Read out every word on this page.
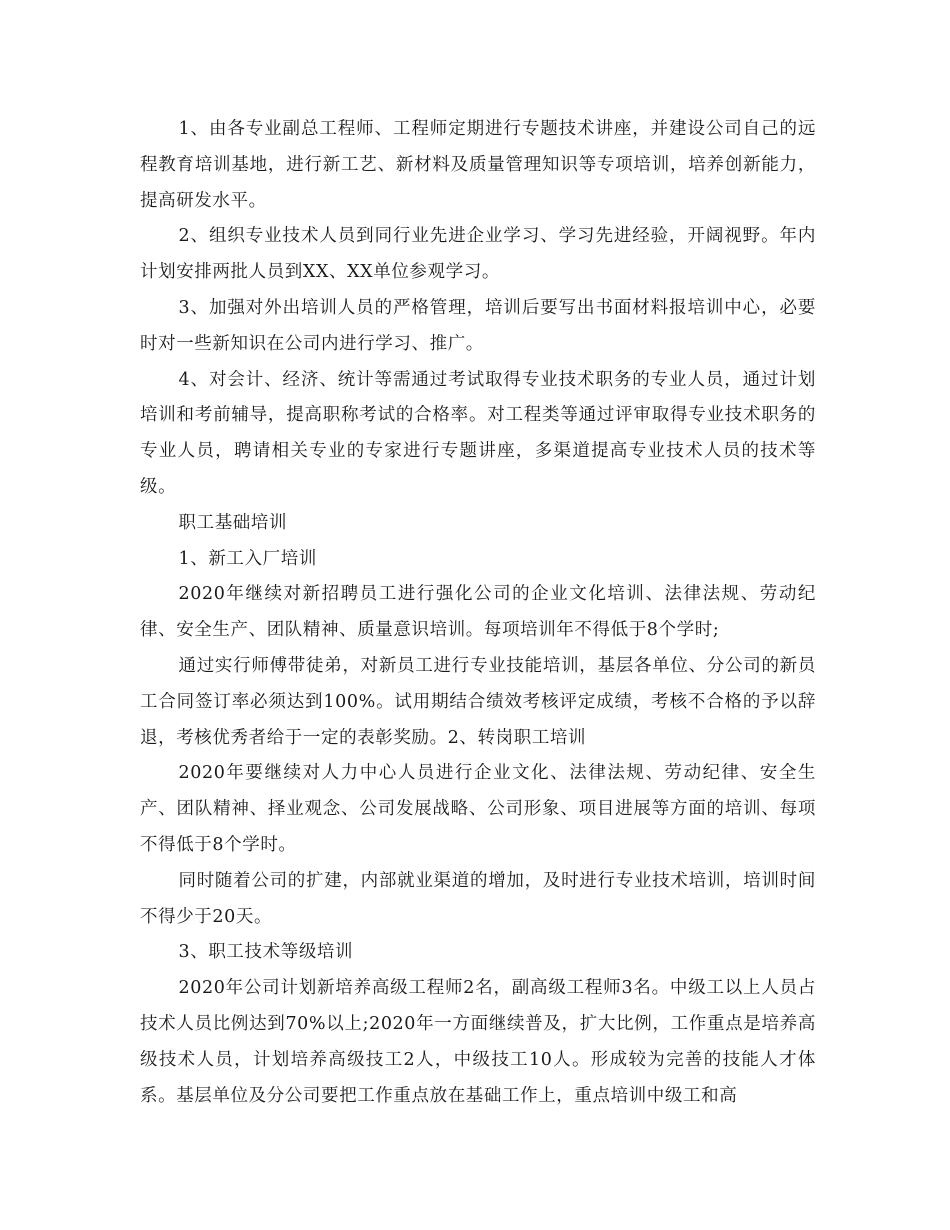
1、由各专业副总工程师、工程师定期进行专题技术讲座，并建设公司自己的远程教育培训基地，进行新工艺、新材料及质量管理知识等专项培训，培养创新能力，提高研发水平。

2、组织专业技术人员到同行业先进企业学习、学习先进经验，开阔视野。年内计划安排两批人员到XX、XX单位参观学习。

3、加强对外出培训人员的严格管理，培训后要写出书面材料报培训中心，必要时对一些新知识在公司内进行学习、推广。

4、对会计、经济、统计等需通过考试取得专业技术职务的专业人员，通过计划培训和考前辅导，提高职称考试的合格率。对工程类等通过评审取得专业技术职务的专业人员，聘请相关专业的专家进行专题讲座，多渠道提高专业技术人员的技术等级。

职工基础培训

1、新工入厂培训

2020年继续对新招聘员工进行强化公司的企业文化培训、法律法规、劳动纪律、安全生产、团队精神、质量意识培训。每项培训年不得低于8个学时;

通过实行师傅带徒弟，对新员工进行专业技能培训，基层各单位、分公司的新员工合同签订率必须达到100%。试用期结合绩效考核评定成绩，考核不合格的予以辞退，考核优秀者给于一定的表彰奖励。2、转岗职工培训

2020年要继续对人力中心人员进行企业文化、法律法规、劳动纪律、安全生产、团队精神、择业观念、公司发展战略、公司形象、项目进展等方面的培训、每项不得低于8个学时。

同时随着公司的扩建，内部就业渠道的增加，及时进行专业技术培训，培训时间不得少于20天。

3、职工技术等级培训

2020年公司计划新培养高级工程师2名，副高级工程师3名。中级工以上人员占技术人员比例达到70%以上;2020年一方面继续普及，扩大比例，工作重点是培养高级技术人员，计划培养高级技工2人，中级技工10人。形成较为完善的技能人才体系。基层单位及分公司要把工作重点放在基础工作上，重点培训中级工和高
